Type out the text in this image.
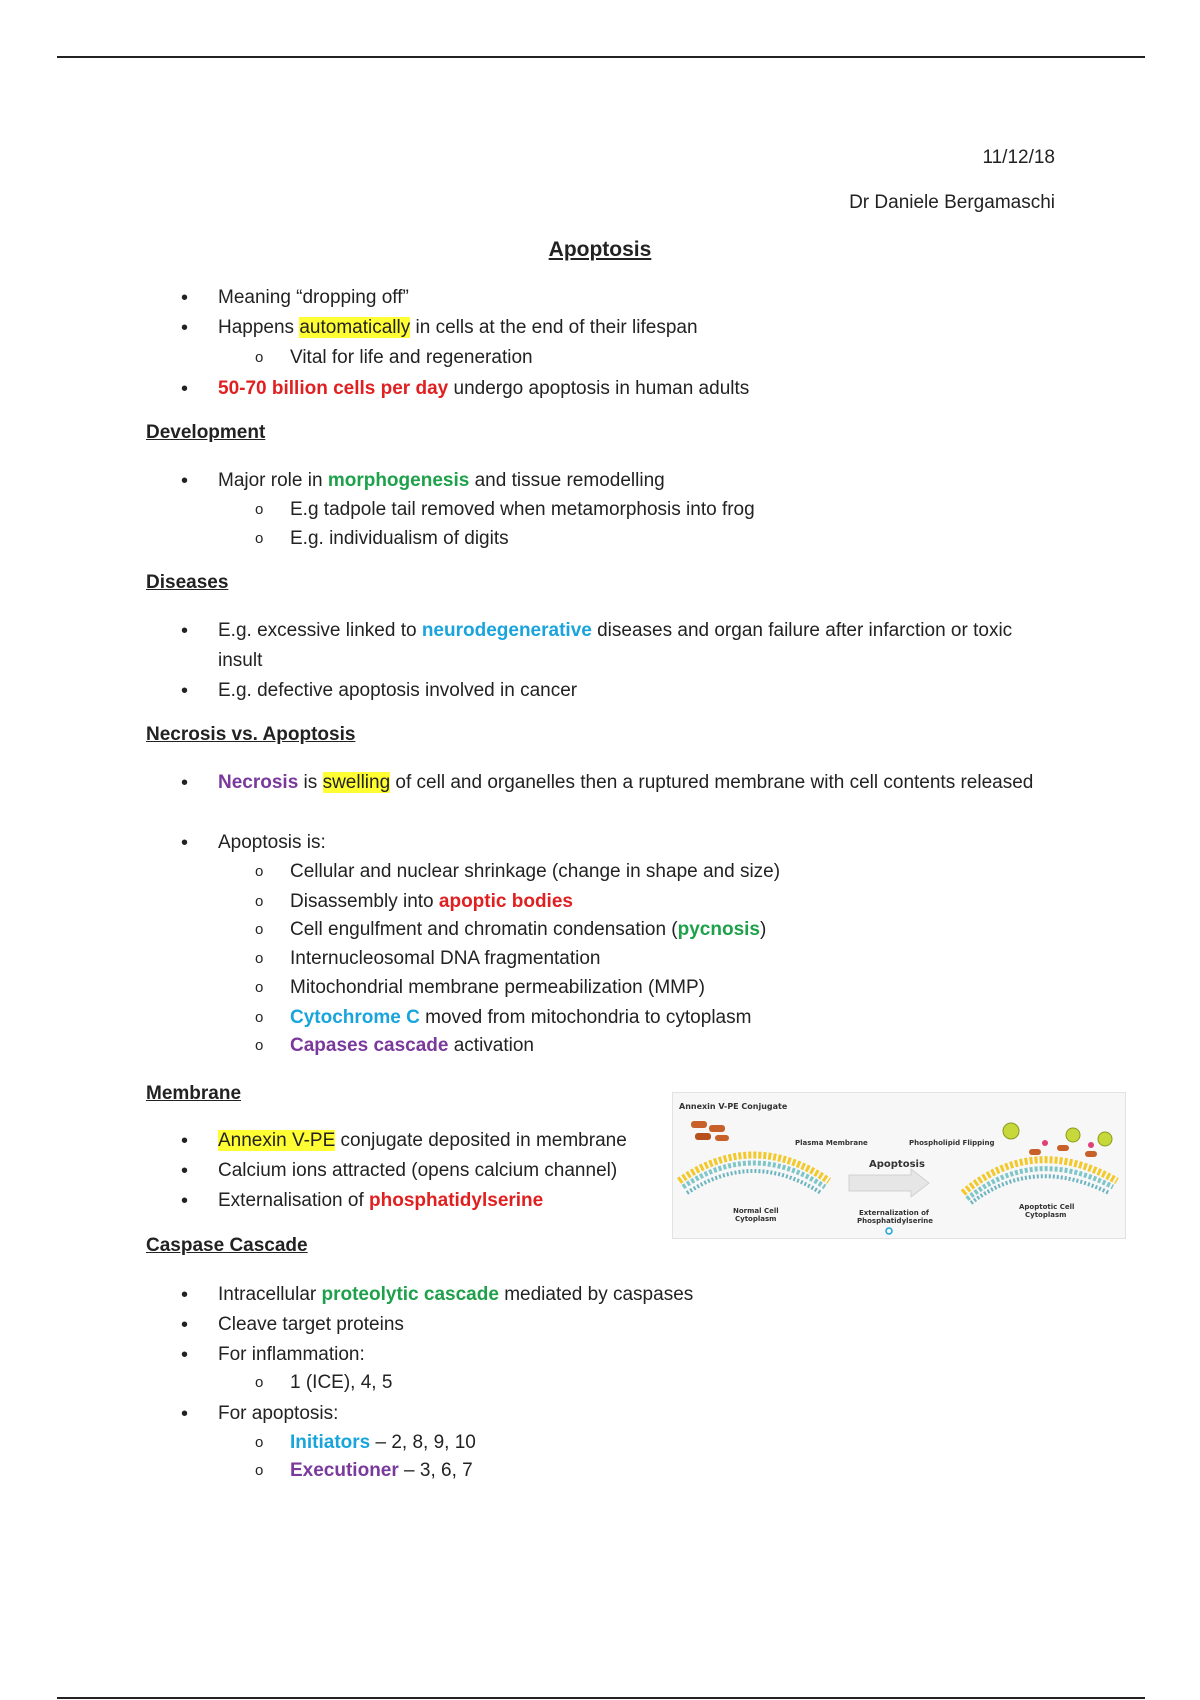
11/12/18
Dr Daniele Bergamaschi
Apoptosis
• Meaning “dropping off”
• Happens automatically in cells at the end of their lifespan
o Vital for life and regeneration
• 50-70 billion cells per day undergo apoptosis in human adults
Development
• Major role in morphogenesis and tissue remodelling
o E.g tadpole tail removed when metamorphosis into frog
o E.g. individualism of digits
Diseases
• E.g. excessive linked to neurodegenerative diseases and organ failure after infarction or toxic insult
• E.g. defective apoptosis involved in cancer
Necrosis vs. Apoptosis
• Necrosis is swelling of cell and organelles then a ruptured membrane with cell contents released
• Apoptosis is:
o Cellular and nuclear shrinkage (change in shape and size)
o Disassembly into apoptic bodies
o Cell engulfment and chromatin condensation (pycnosis)
o Internucleosomal DNA fragmentation
o Mitochondrial membrane permeabilization (MMP)
o Cytochrome C moved from mitochondria to cytoplasm
o Capases cascade activation
Membrane
• Annexin V-PE conjugate deposited in membrane
• Calcium ions attracted (opens calcium channel)
• Externalisation of phosphatidylserine
Annexin V-PE Conjugate
Plasma Membrane	Phospholipid Flipping
Normal Cell
Cytoplasm
Apoptosis
Externalization of
Phosphatidylserine
Apoptotic Cell
Cytoplasm
Caspase Cascade
• Intracellular proteolytic cascade mediated by caspases
• Cleave target proteins
• For inflammation:
o 1 (ICE), 4, 5
• For apoptosis:
o Initiators – 2, 8, 9, 10
o Executioner – 3, 6, 7
